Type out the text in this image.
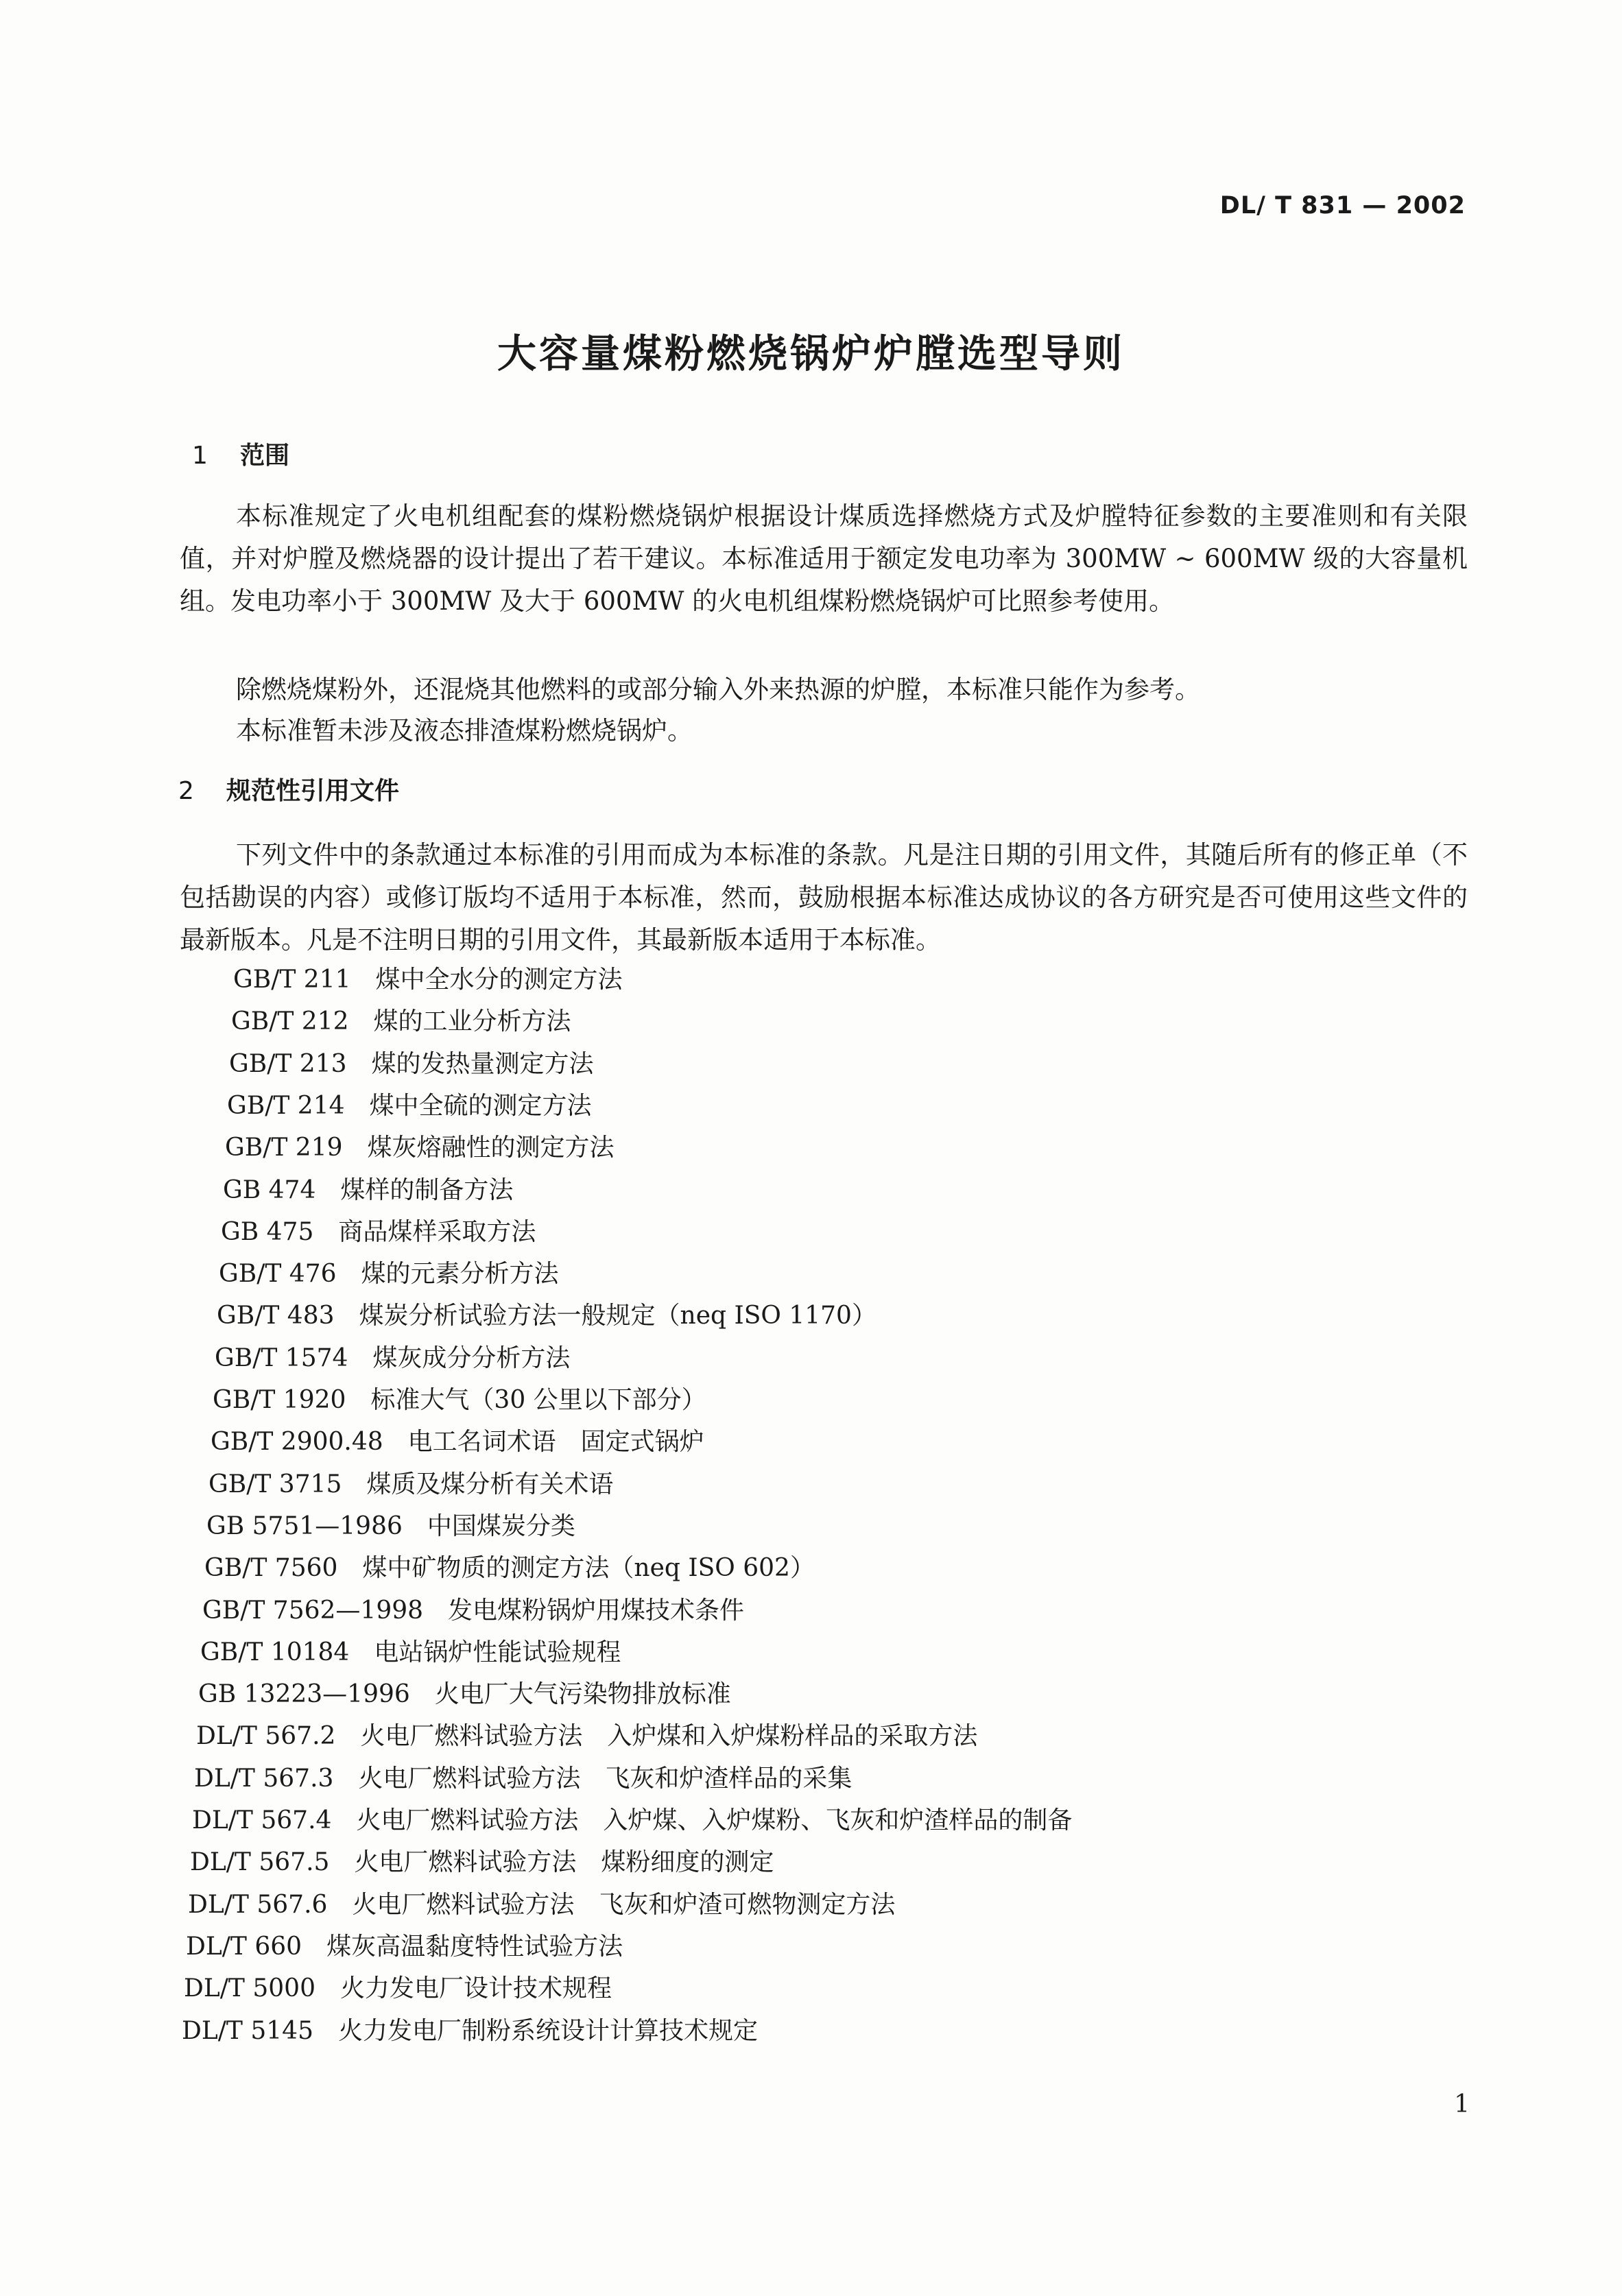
DL/ T 831 — 2002
大容量煤粉燃烧锅炉炉膛选型导则
1 范围

本标准规定了火电机组配套的煤粉燃烧锅炉根据设计煤质选择燃烧方式及炉膛特征参数的主要准则和有关限值，并对炉膛及燃烧器的设计提出了若干建议。本标准适用于额定发电功率为 300MW ~ 600MW 级的大容量机组。发电功率小于 300MW 及大于 600MW 的火电机组煤粉燃烧锅炉可比照参考使用。

除燃烧煤粉外，还混烧其他燃料的或部分输入外来热源的炉膛，本标准只能作为参考。

本标准暂未涉及液态排渣煤粉燃烧锅炉。

2 规范性引用文件

下列文件中的条款通过本标准的引用而成为本标准的条款。凡是注日期的引用文件，其随后所有的修正单（不包括勘误的内容）或修订版均不适用于本标准，然而，鼓励根据本标准达成协议的各方研究是否可使用这些文件的最新版本。凡是不注明日期的引用文件，其最新版本适用于本标准。

GB/T 211 煤中全水分的测定方法
GB/T 212 煤的工业分析方法
GB/T 213 煤的发热量测定方法
GB/T 214 煤中全硫的测定方法
GB/T 219 煤灰熔融性的测定方法
GB 474 煤样的制备方法
GB 475 商品煤样采取方法
GB/T 476 煤的元素分析方法
GB/T 483 煤炭分析试验方法一般规定（neq ISO 1170）
GB/T 1574 煤灰成分分析方法
GB/T 1920 标准大气（30 公里以下部分）
GB/T 2900.48 电工名词术语　固定式锅炉
GB/T 3715 煤质及煤分析有关术语
GB 5751—1986 中国煤炭分类
GB/T 7560 煤中矿物质的测定方法（neq ISO 602）
GB/T 7562—1998 发电煤粉锅炉用煤技术条件
GB/T 10184 电站锅炉性能试验规程
GB 13223—1996 火电厂大气污染物排放标准
DL/T 567.2 火电厂燃料试验方法　入炉煤和入炉煤粉样品的采取方法
DL/T 567.3 火电厂燃料试验方法　飞灰和炉渣样品的采集
DL/T 567.4 火电厂燃料试验方法　入炉煤、入炉煤粉、飞灰和炉渣样品的制备
DL/T 567.5 火电厂燃料试验方法　煤粉细度的测定
DL/T 567.6 火电厂燃料试验方法　飞灰和炉渣可燃物测定方法
DL/T 660 煤灰高温黏度特性试验方法
DL/T 5000 火力发电厂设计技术规程
DL/T 5145 火力发电厂制粉系统设计计算技术规定
1
